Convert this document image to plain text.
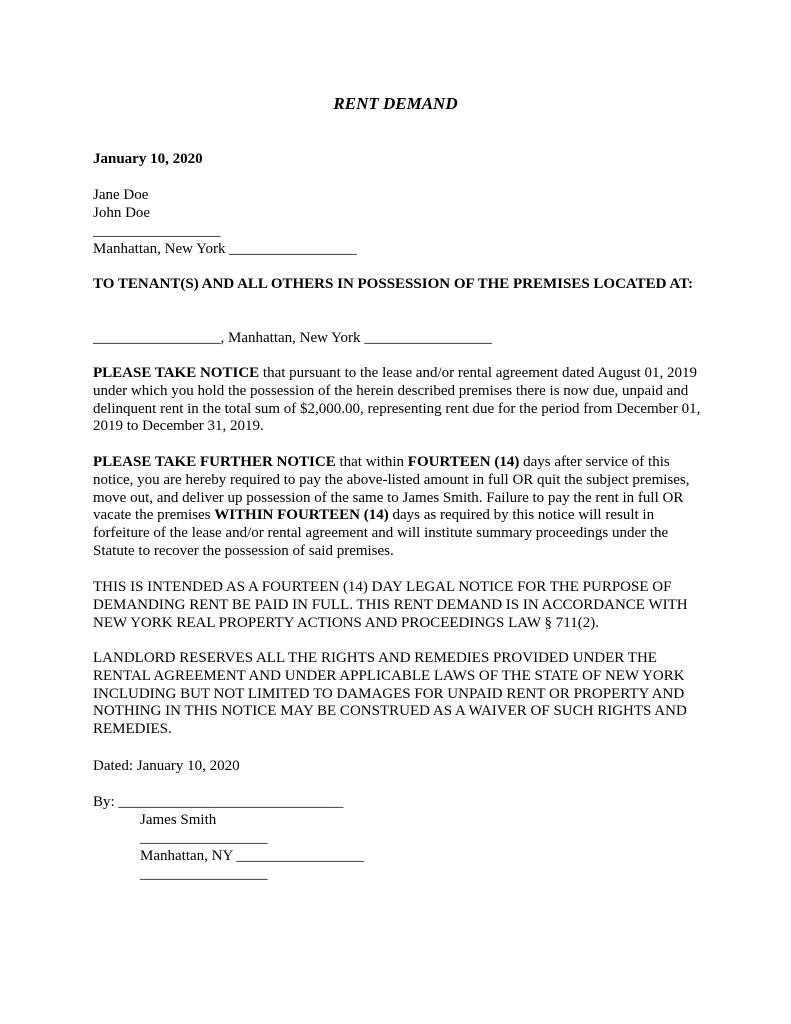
RENT DEMAND
January 10, 2020
Jane Doe
John Doe
_________________
Manhattan, New York _________________
TO TENANT(S) AND ALL OTHERS IN POSSESSION OF THE PREMISES LOCATED AT:
_________________, Manhattan, New York _________________
PLEASE TAKE NOTICE that pursuant to the lease and/or rental agreement dated August 01, 2019 under which you hold the possession of the herein described premises there is now due, unpaid and delinquent rent in the total sum of $2,000.00, representing rent due for the period from December 01, 2019 to December 31, 2019.
PLEASE TAKE FURTHER NOTICE that within FOURTEEN (14) days after service of this notice, you are hereby required to pay the above-listed amount in full OR quit the subject premises, move out, and deliver up possession of the same to James Smith. Failure to pay the rent in full OR vacate the premises WITHIN FOURTEEN (14) days as required by this notice will result in forfeiture of the lease and/or rental agreement and will institute summary proceedings under the Statute to recover the possession of said premises.
THIS IS INTENDED AS A FOURTEEN (14) DAY LEGAL NOTICE FOR THE PURPOSE OF DEMANDING RENT BE PAID IN FULL. THIS RENT DEMAND IS IN ACCORDANCE WITH NEW YORK REAL PROPERTY ACTIONS AND PROCEEDINGS LAW § 711(2).
LANDLORD RESERVES ALL THE RIGHTS AND REMEDIES PROVIDED UNDER THE RENTAL AGREEMENT AND UNDER APPLICABLE LAWS OF THE STATE OF NEW YORK INCLUDING BUT NOT LIMITED TO DAMAGES FOR UNPAID RENT OR PROPERTY AND NOTHING IN THIS NOTICE MAY BE CONSTRUED AS A WAIVER OF SUCH RIGHTS AND REMEDIES.
Dated: January 10, 2020
By: ______________________________
James Smith
_________________
Manhattan, NY _________________
_________________
